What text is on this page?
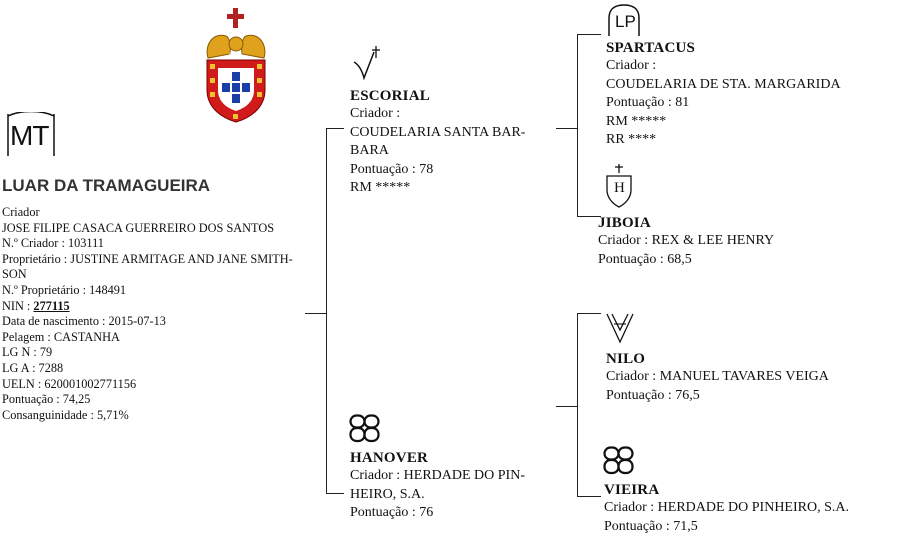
APSL
MT
LUAR DA TRAMAGUEIRA
Criador
JOSE FILIPE CASACA GUERREIRO DOS SANTOS
N.º Criador : 103111
Proprietário : JUSTINE ARMITAGE AND JANE SMITH-
SON
N.º Proprietário : 148491
NIN : 277115
Data de nascimento : 2015-07-13
Pelagem : CASTANHA
LG N : 79
LG A : 7288
UELN : 620001002771156
Pontuação : 74,25
Consanguinidade : 5,71%
ESCORIAL
Criador :
COUDELARIA SANTA BAR-
BARA
Pontuação : 78
RM *****
HANOVER
Criador : HERDADE DO PIN-
HEIRO, S.A.
Pontuação : 76
LP
SPARTACUS
Criador :
COUDELARIA DE STA. MARGARIDA
Pontuação : 81
RM *****
RR ****
H
JIBOIA
Criador : REX & LEE HENRY
Pontuação : 68,5
NILO
Criador : MANUEL TAVARES VEIGA
Pontuação : 76,5
VIEIRA
Criador : HERDADE DO PINHEIRO, S.A.
Pontuação : 71,5
